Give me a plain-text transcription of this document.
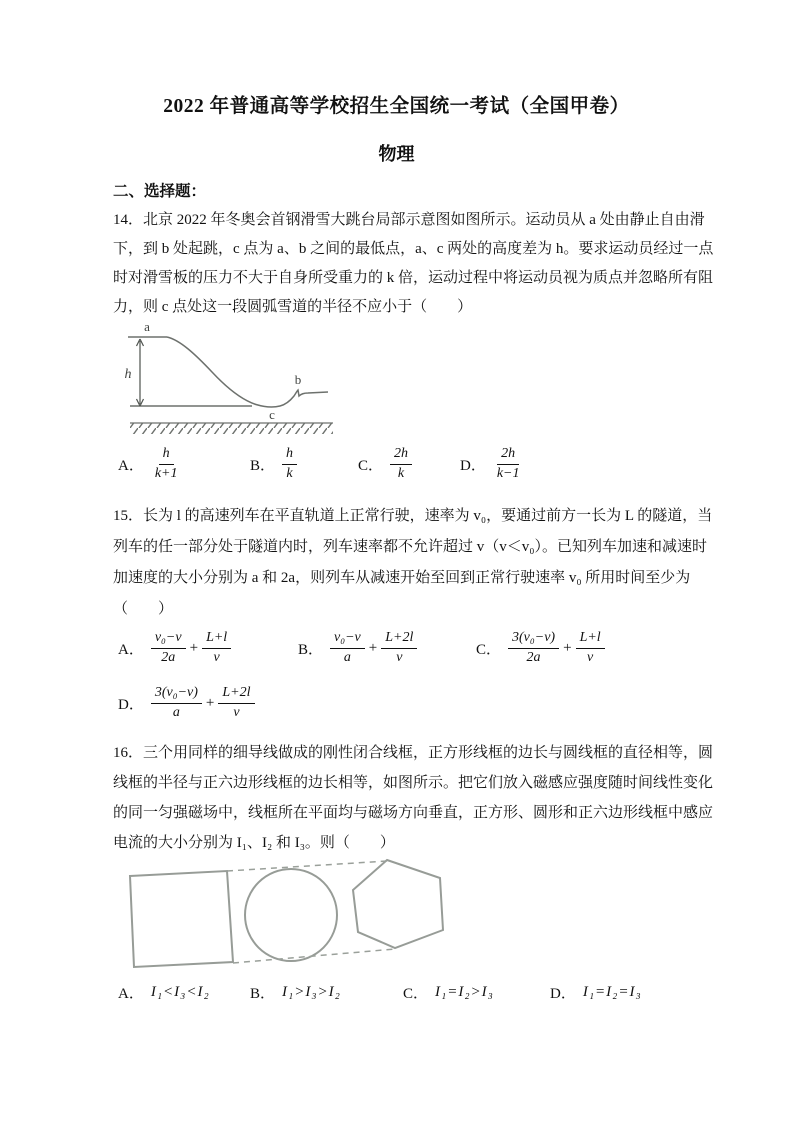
2022 年普通高等学校招生全国统一考试（全国甲卷）
物理
二、选择题：
14．北京 2022 年冬奥会首钢滑雪大跳台局部示意图如图所示。运动员从 a 处由静止自由滑
下，到 b 处起跳，c 点为 a、b 之间的最低点，a、c 两处的高度差为 h。要求运动员经过一点
时对滑雪板的压力不大于自身所受重力的 k 倍，运动过程中将运动员视为质点并忽略所有阻
力，则 c 点处这一段圆弧雪道的半径不应小于（　　）
a
h
c
b
A． $\frac{h}{k+1}$	B． $\frac{h}{k}$	C． $\frac{2h}{k}$	D． $\frac{2h}{k-1}$
15．长为 l 的高速列车在平直轨道上正常行驶，速率为 v₀，要通过前方一长为 L 的隧道，当
列车的任一部分处于隧道内时，列车速率都不允许超过 v（v＜v₀）。已知列车加速和减速时
加速度的大小分别为 a 和 2a，则列车从减速开始至回到正常行驶速率 v₀ 所用时间至少为
（　　）
A． $\frac{\text{v₀−v}}{2a} + \frac{L+l}{v}$	B． $\frac{\text{v₀−v}}{a} + \frac{L+2l}{v}$	C． $\frac{\text{3(v₀−v)}}{2a} + \frac{L+l}{v}$
D． $\frac{\text{3(v₀−v)}}{a} + \frac{L+2l}{v}$
16．三个用同样的细导线做成的刚性闭合线框，正方形线框的边长与圆线框的直径相等，圆
线框的半径与正六边形线框的边长相等，如图所示。把它们放入磁感应强度随时间线性变化
的同一匀强磁场中，线框所在平面均与磁场方向垂直，正方形、圆形和正六边形线框中感应
电流的大小分别为 I₁、I₂ 和 I₃。则（　　）
A． I₁<I₃<I₂	B． I₁>I₃>I₂	C． I₁=I₂>I₃	D． I₁=I₂=I₃
